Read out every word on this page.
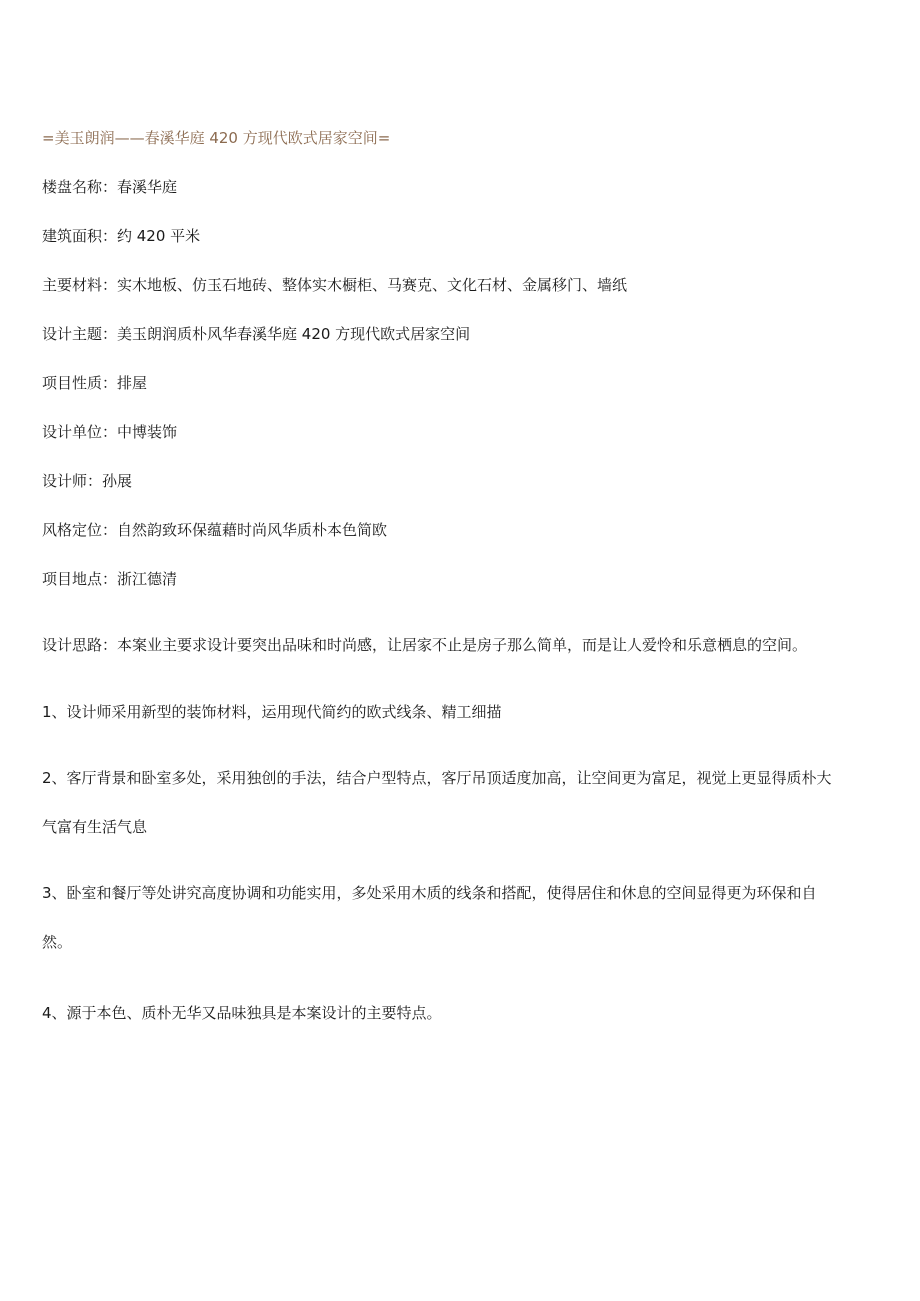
=美玉朗润——春溪华庭 420 方现代欧式居家空间=
楼盘名称：春溪华庭
建筑面积：约 420 平米
主要材料：实木地板、仿玉石地砖、整体实木橱柜、马赛克、文化石材、金属移门、墙纸
设计主题：美玉朗润质朴风华春溪华庭 420 方现代欧式居家空间
项目性质：排屋
设计单位：中博装饰
设计师：孙展
风格定位：自然韵致环保蕴藉时尚风华质朴本色简欧
项目地点：浙江德清
设计思路：本案业主要求设计要突出品味和时尚感，让居家不止是房子那么简单，而是让人爱怜和乐意栖息的空间。
1、设计师采用新型的装饰材料，运用现代简约的欧式线条、精工细描
2、客厅背景和卧室多处，采用独创的手法，结合户型特点，客厅吊顶适度加高，让空间更为富足，视觉上更显得质朴大
气富有生活气息
3、卧室和餐厅等处讲究高度协调和功能实用，多处采用木质的线条和搭配，使得居住和休息的空间显得更为环保和自
然。
4、源于本色、质朴无华又品味独具是本案设计的主要特点。
